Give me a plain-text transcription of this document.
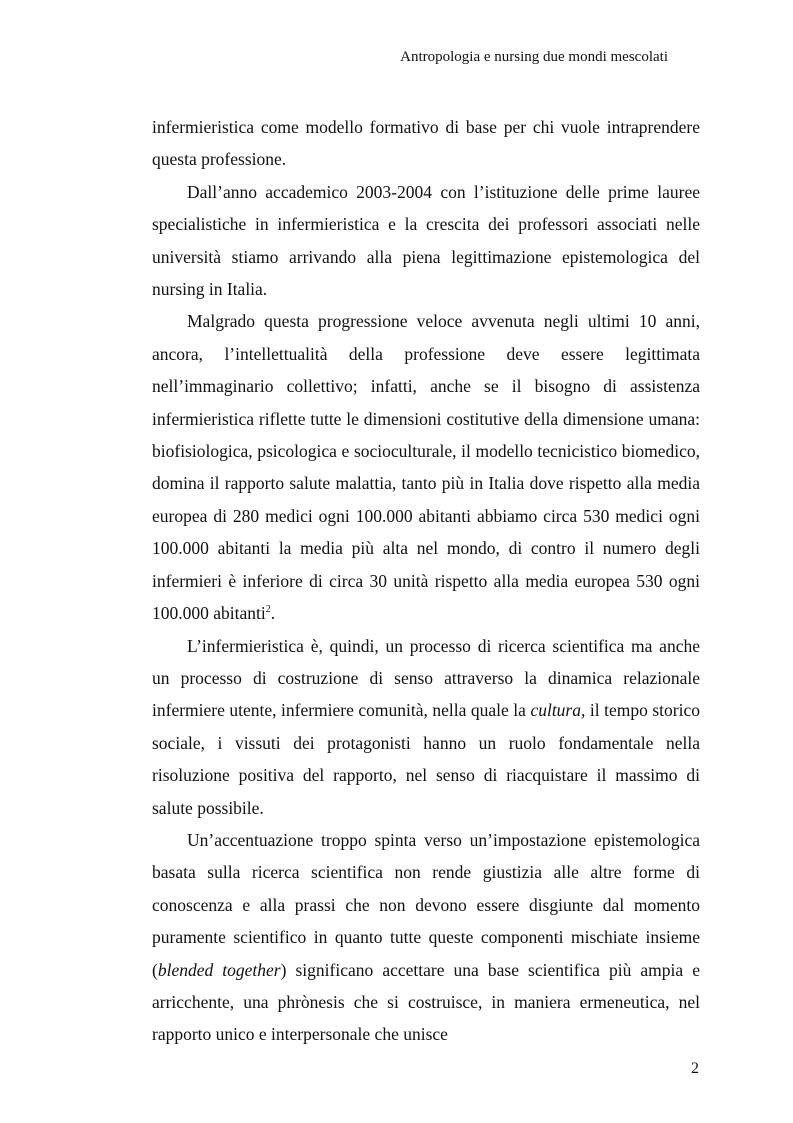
Antropologia e nursing due mondi mescolati

infermieristica come modello formativo di base per chi vuole intraprendere questa professione.

Dall’anno accademico 2003-2004 con l’istituzione delle prime lauree specialistiche in infermieristica e la crescita dei professori associati nelle università stiamo arrivando alla piena legittimazione epistemologica del nursing in Italia.

Malgrado questa progressione veloce avvenuta negli ultimi 10 anni, ancora, l’intellettualità della professione deve essere legittimata nell’immaginario collettivo; infatti, anche se il bisogno di assistenza infermieristica riflette tutte le dimensioni costitutive della dimensione umana: biofisiologica, psicologica e socioculturale, il modello tecnicistico biomedico, domina il rapporto salute malattia, tanto più in Italia dove rispetto alla media europea di 280 medici ogni 100.000 abitanti abbiamo circa 530 medici ogni 100.000 abitanti la media più alta nel mondo, di contro il numero degli infermieri è inferiore di circa 30 unità rispetto alla media europea 530 ogni 100.000 abitanti$^2$.

L’infermieristica è, quindi, un processo di ricerca scientifica ma anche un processo di costruzione di senso attraverso la dinamica relazionale infermiere utente, infermiere comunità, nella quale la cultura, il tempo storico sociale, i vissuti dei protagonisti hanno un ruolo fondamentale nella risoluzione positiva del rapporto, nel senso di riacquistare il massimo di salute possibile.

Un’accentuazione troppo spinta verso un’impostazione epistemologica basata sulla ricerca scientifica non rende giustizia alle altre forme di conoscenza e alla prassi che non devono essere disgiunte dal momento puramente scientifico in quanto tutte queste componenti mischiate insieme (blended together) significano accettare una base scientifica più ampia e arricchente, una phrònesis che si costruisce, in maniera ermeneutica, nel rapporto unico e interpersonale che unisce

2
